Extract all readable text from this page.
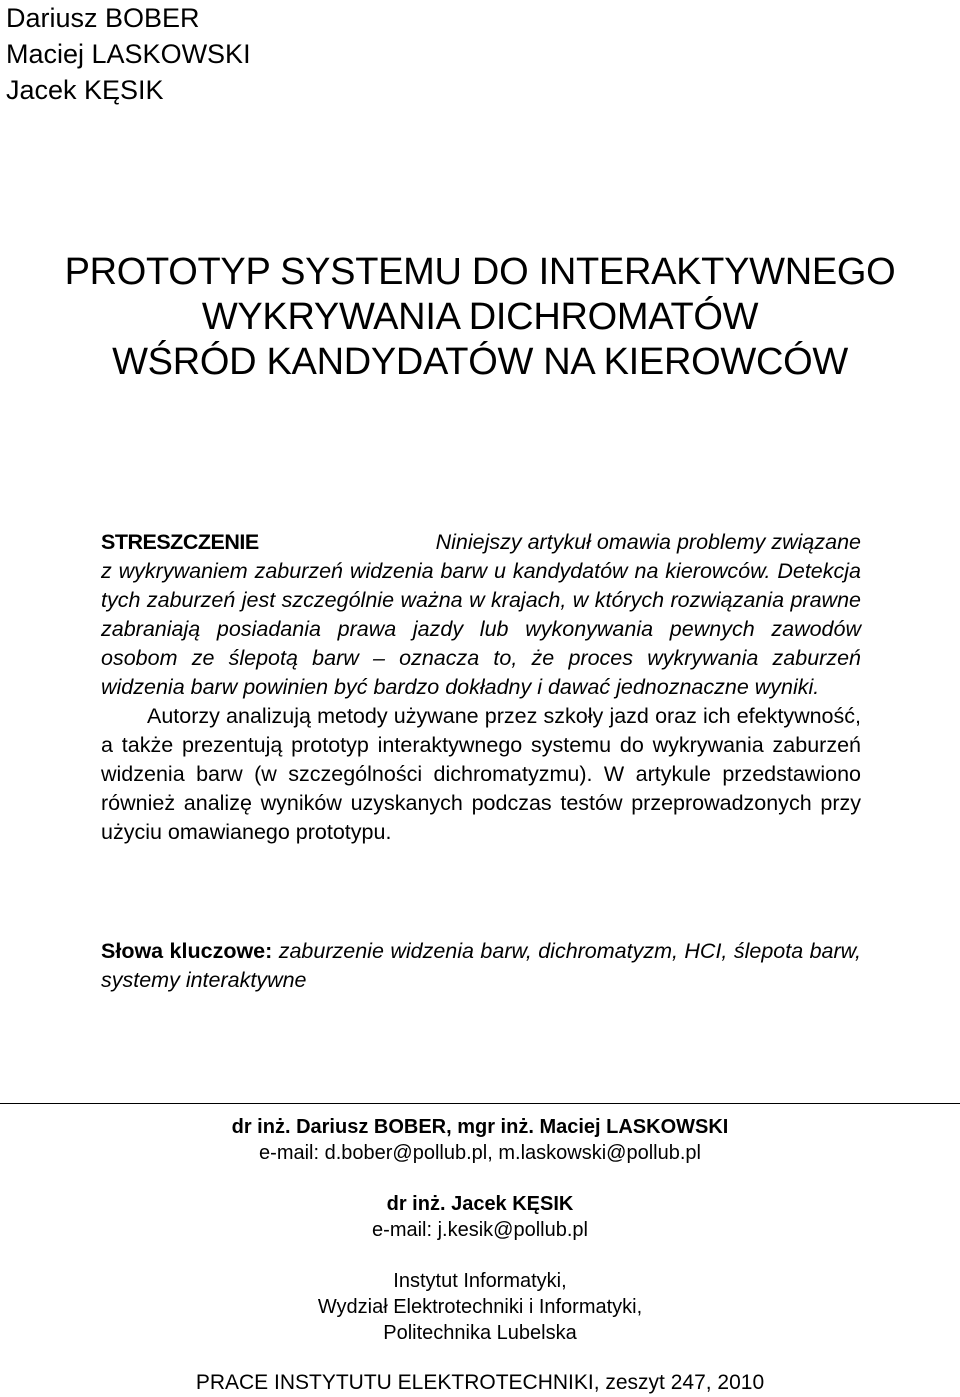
Dariusz BOBER
Maciej LASKOWSKI
Jacek KĘSIK
PROTOTYP SYSTEMU DO INTERAKTYWNEGO
WYKRYWANIA DICHROMATÓW
WŚRÓD KANDYDATÓW NA KIEROWCÓW
STRESZCZENIE	Niniejszy artykuł omawia problemy związane

z wykrywaniem zaburzeń widzenia barw u kandydatów na kierowców. Detekcja tych zaburzeń jest szczególnie ważna w krajach, w których rozwiązania prawne zabraniają posiadania prawa jazdy lub wykonywania pewnych zawodów osobom ze ślepotą barw – oznacza to, że proces wykrywania zaburzeń widzenia barw powinien być bardzo dokładny i dawać jednoznaczne wyniki.

Autorzy analizują metody używane przez szkoły jazd oraz ich efektywność, a także prezentują prototyp interaktywnego systemu do wykrywania zaburzeń widzenia barw (w szczególności dichromatyzmu). W artykule przedstawiono również analizę wyników uzyskanych podczas testów przeprowadzonych przy użyciu omawianego prototypu.

Słowa kluczowe: zaburzenie widzenia barw, dichromatyzm, HCI, ślepota barw, systemy interaktywne
dr inż. Dariusz BOBER, mgr inż. Maciej LASKOWSKI
e-mail: d.bober@pollub.pl, m.laskowski@pollub.pl
dr inż. Jacek KĘSIK
e-mail: j.kesik@pollub.pl
Instytut Informatyki,
Wydział Elektrotechniki i Informatyki,
Politechnika Lubelska
PRACE INSTYTUTU ELEKTROTECHNIKI, zeszyt 247, 2010
